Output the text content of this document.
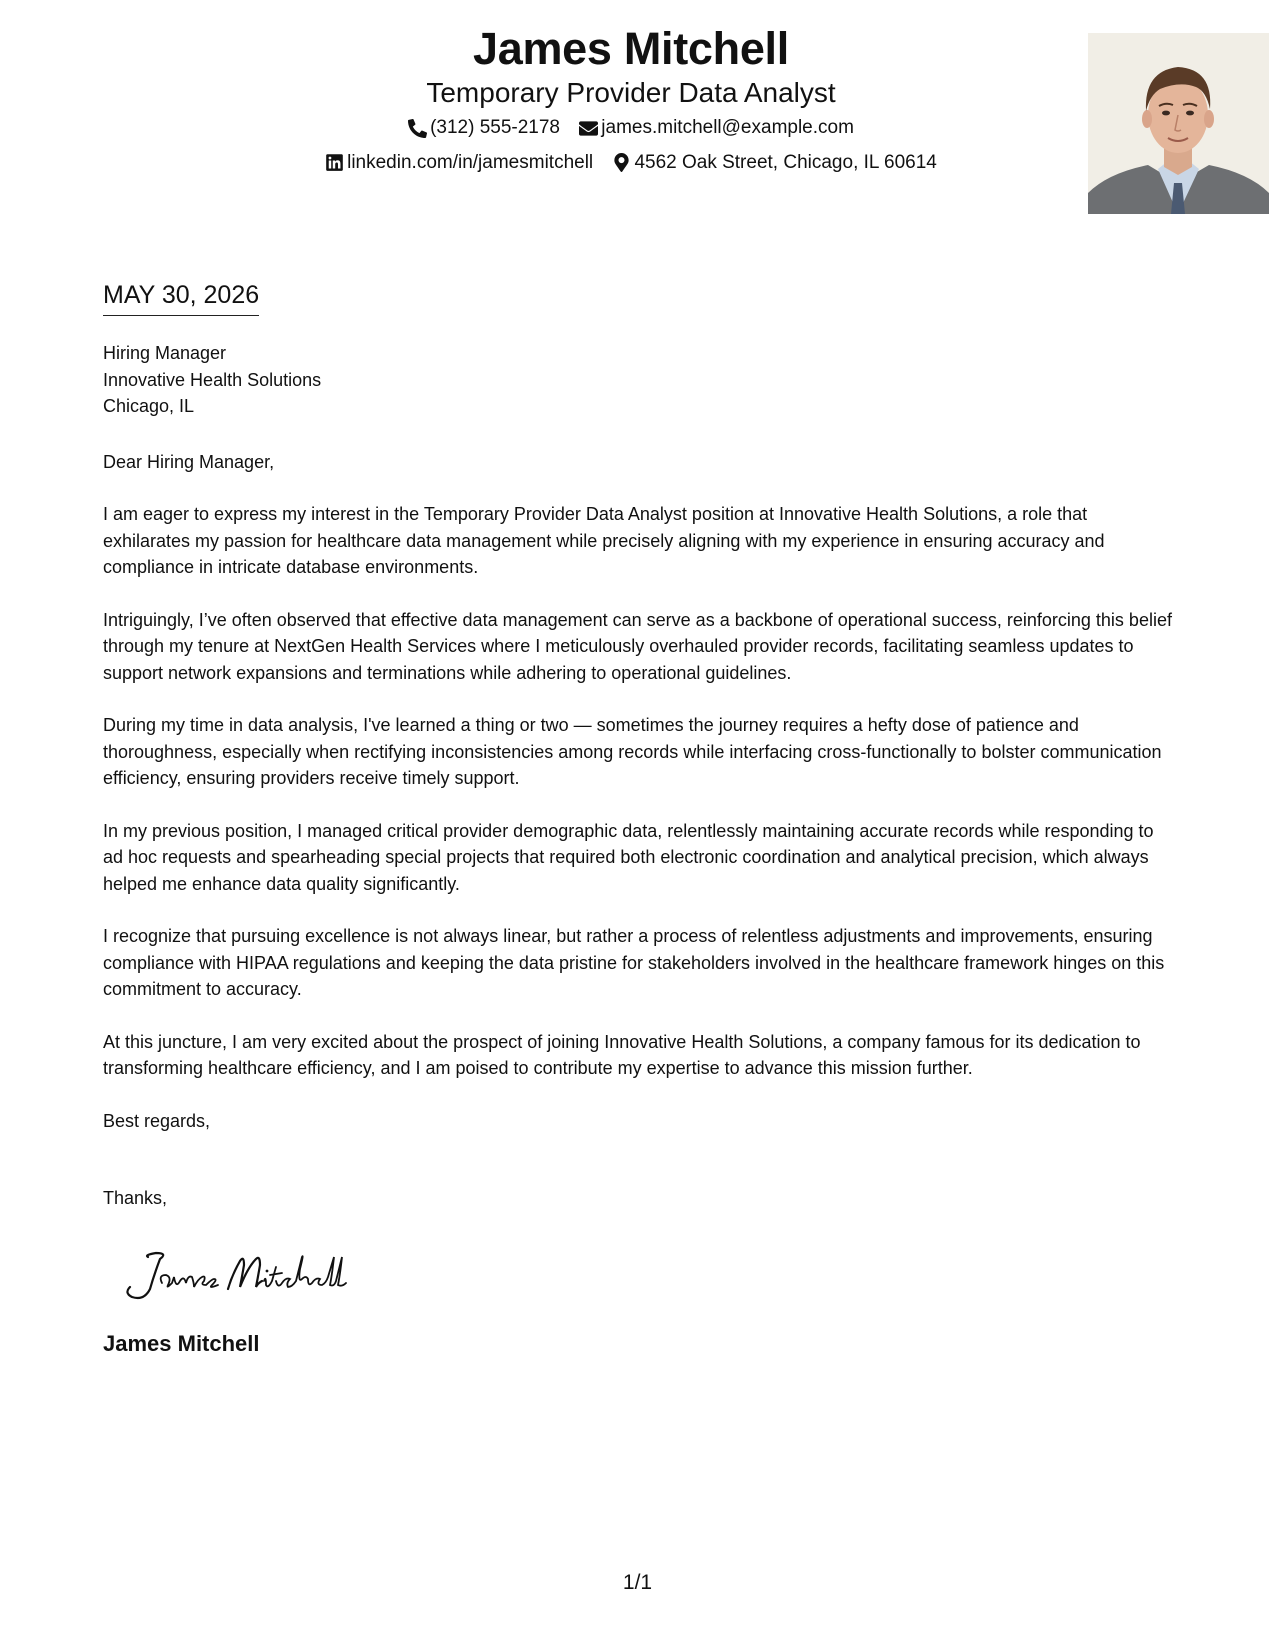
James Mitchell
Temporary Provider Data Analyst
(312) 555-2178
james.mitchell@example.com
linkedin.com/in/jamesmitchell
4562 Oak Street, Chicago, IL 60614
MAY 30, 2026
Hiring Manager
Innovative Health Solutions
Chicago, IL

Dear Hiring Manager,

I am eager to express my interest in the Temporary Provider Data Analyst position at Innovative Health Solutions, a role that exhilarates my passion for healthcare data management while precisely aligning with my experience in ensuring accuracy and compliance in intricate database environments.

Intriguingly, I’ve often observed that effective data management can serve as a backbone of operational success, reinforcing this belief through my tenure at NextGen Health Services where I meticulously overhauled provider records, facilitating seamless updates to support network expansions and terminations while adhering to operational guidelines.

During my time in data analysis, I've learned a thing or two — sometimes the journey requires a hefty dose of patience and thoroughness, especially when rectifying inconsistencies among records while interfacing cross-functionally to bolster communication efficiency, ensuring providers receive timely support.

In my previous position, I managed critical provider demographic data, relentlessly maintaining accurate records while responding to ad hoc requests and spearheading special projects that required both electronic coordination and analytical precision, which always helped me enhance data quality significantly.

I recognize that pursuing excellence is not always linear, but rather a process of relentless adjustments and improvements, ensuring compliance with HIPAA regulations and keeping the data pristine for stakeholders involved in the healthcare framework hinges on this commitment to accuracy.

At this juncture, I am very excited about the prospect of joining Innovative Health Solutions, a company famous for its dedication to transforming healthcare efficiency, and I am poised to contribute my expertise to advance this mission further.

Best regards,

Thanks,

James Mitchell
1/1
